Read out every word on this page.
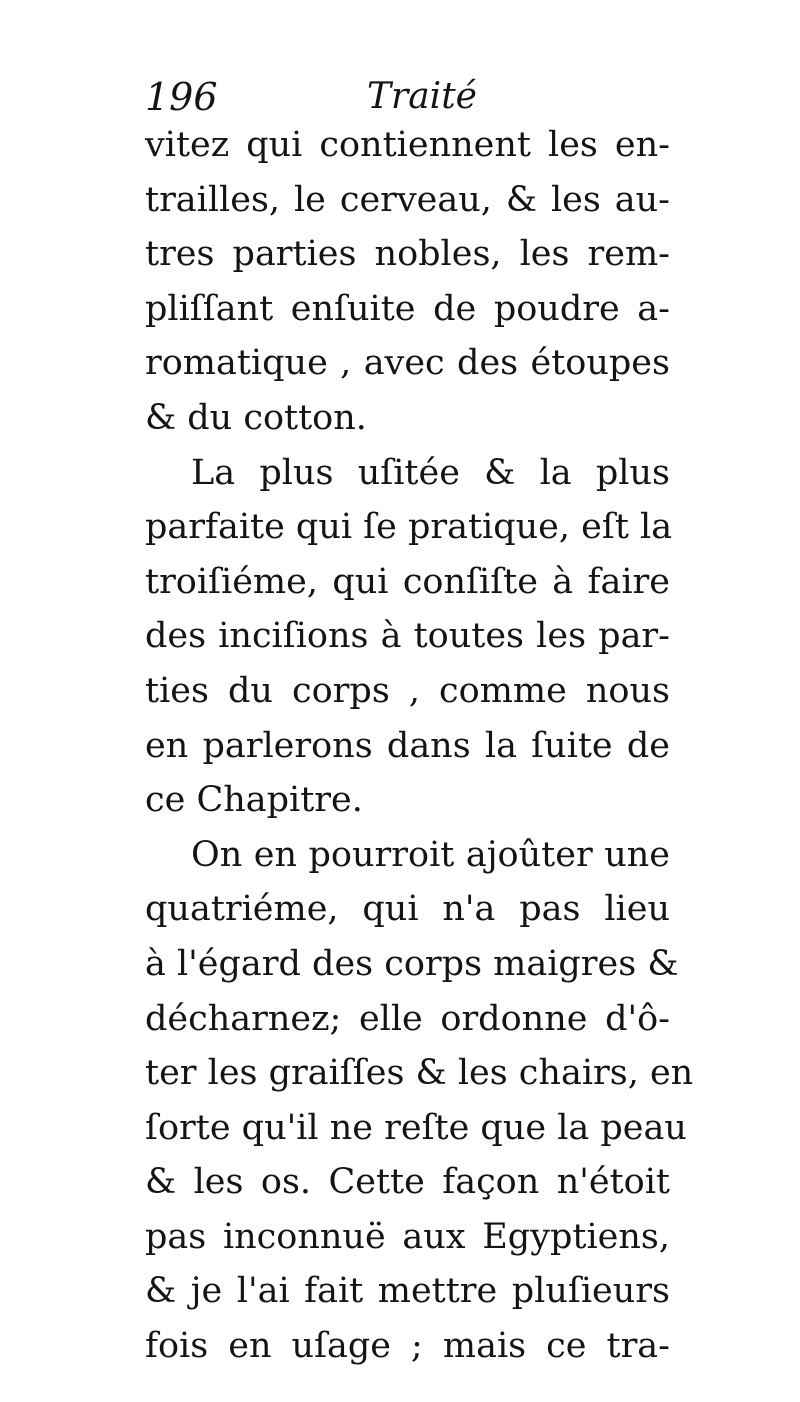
196	Traité
vitez qui contiennent les en-
trailles, le cerveau, & les au-
tres parties nobles, les rem-
pliſſant enſuite de poudre a-
romatique , avec des étoupes
& du cotton.
La plus uſitée & la plus
parfaite qui ſe pratique, eſt la
troiſiéme, qui conſiſte à faire
des inciſions à toutes les par-
ties du corps , comme nous
en parlerons dans la ſuite de
ce Chapitre.
On en pourroit ajoûter une
quatriéme, qui n'a pas lieu
à l'égard des corps maigres &
décharnez; elle ordonne d'ô-
ter les graiſſes & les chairs, en
ſorte qu'il ne reſte que la peau
& les os. Cette façon n'étoit
pas inconnuë aux Egyptiens,
& je l'ai fait mettre pluſieurs
fois en uſage ; mais ce tra-
